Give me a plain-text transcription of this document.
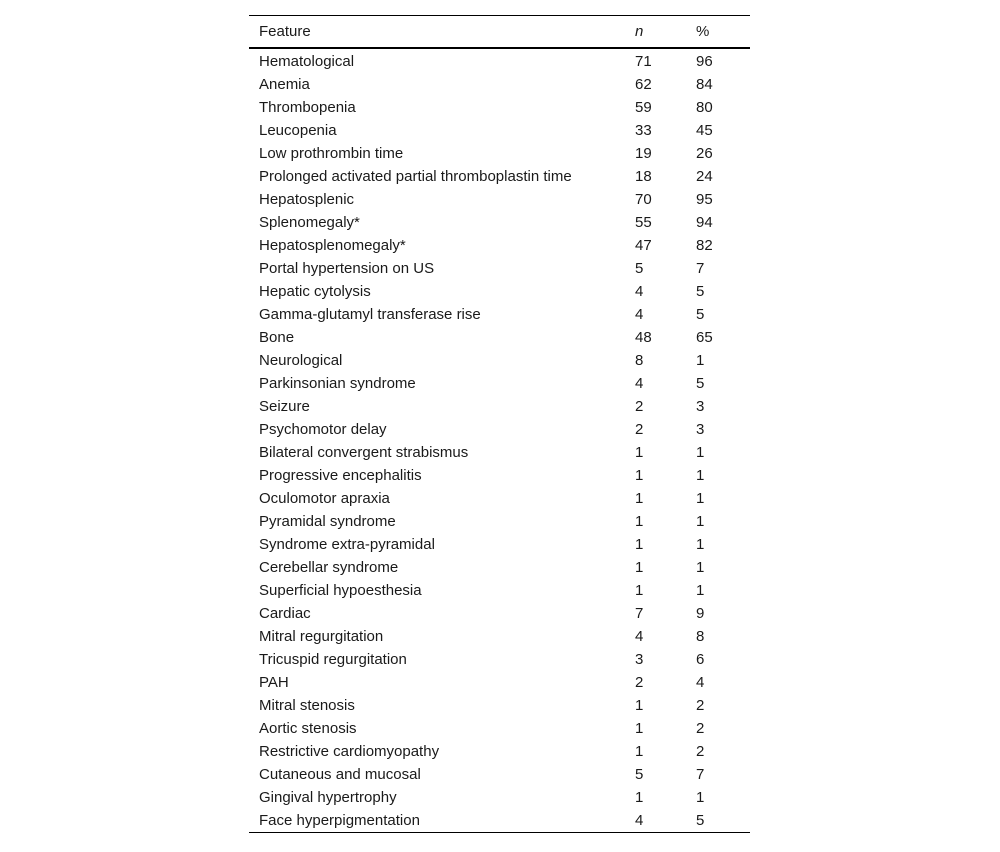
Feature	n	%
Hematological	71	96
Anemia	62	84
Thrombopenia	59	80
Leucopenia	33	45
Low prothrombin time	19	26
Prolonged activated partial thromboplastin time	18	24
Hepatosplenic	70	95
Splenomegaly*	55	94
Hepatosplenomegaly*	47	82
Portal hypertension on US	5	7
Hepatic cytolysis	4	5
Gamma-glutamyl transferase rise	4	5
Bone	48	65
Neurological	8	1
Parkinsonian syndrome	4	5
Seizure	2	3
Psychomotor delay	2	3
Bilateral convergent strabismus	1	1
Progressive encephalitis	1	1
Oculomotor apraxia	1	1
Pyramidal syndrome	1	1
Syndrome extra-pyramidal	1	1
Cerebellar syndrome	1	1
Superficial hypoesthesia	1	1
Cardiac	7	9
Mitral regurgitation	4	8
Tricuspid regurgitation	3	6
PAH	2	4
Mitral stenosis	1	2
Aortic stenosis	1	2
Restrictive cardiomyopathy	1	2
Cutaneous and mucosal	5	7
Gingival hypertrophy	1	1
Face hyperpigmentation	4	5
